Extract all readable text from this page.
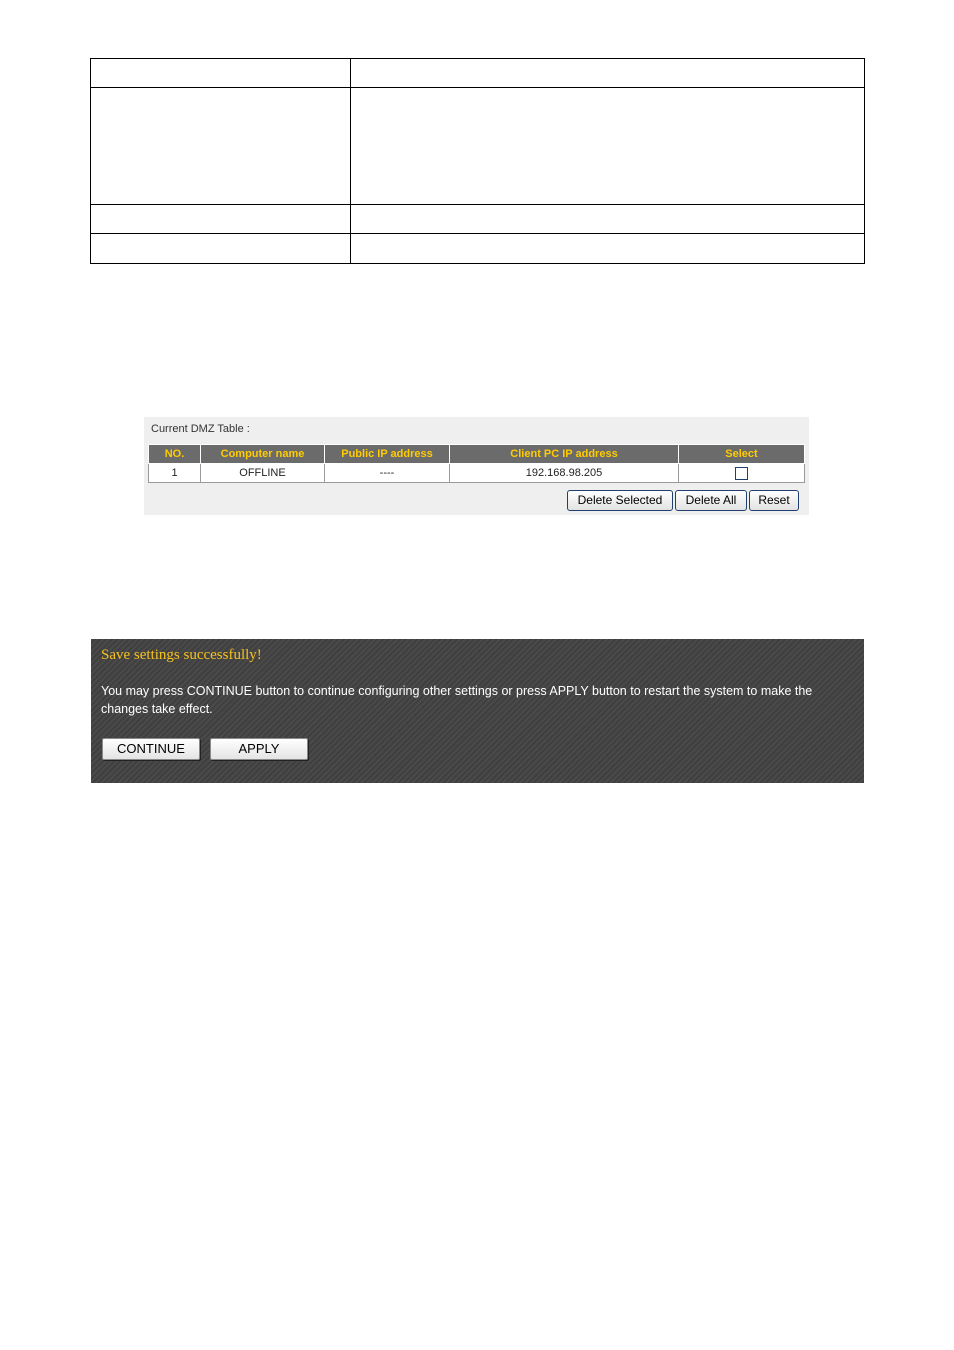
Current DMZ Table :
NO.	Computer name	Public IP address	Client PC IP address	Select
1	OFFLINE	----	192.168.98.205	
Delete Selected	Delete All	Reset
Save settings successfully!
You may press CONTINUE button to continue configuring other settings or press APPLY button to restart the system to make the changes take effect.
CONTINUE	APPLY
